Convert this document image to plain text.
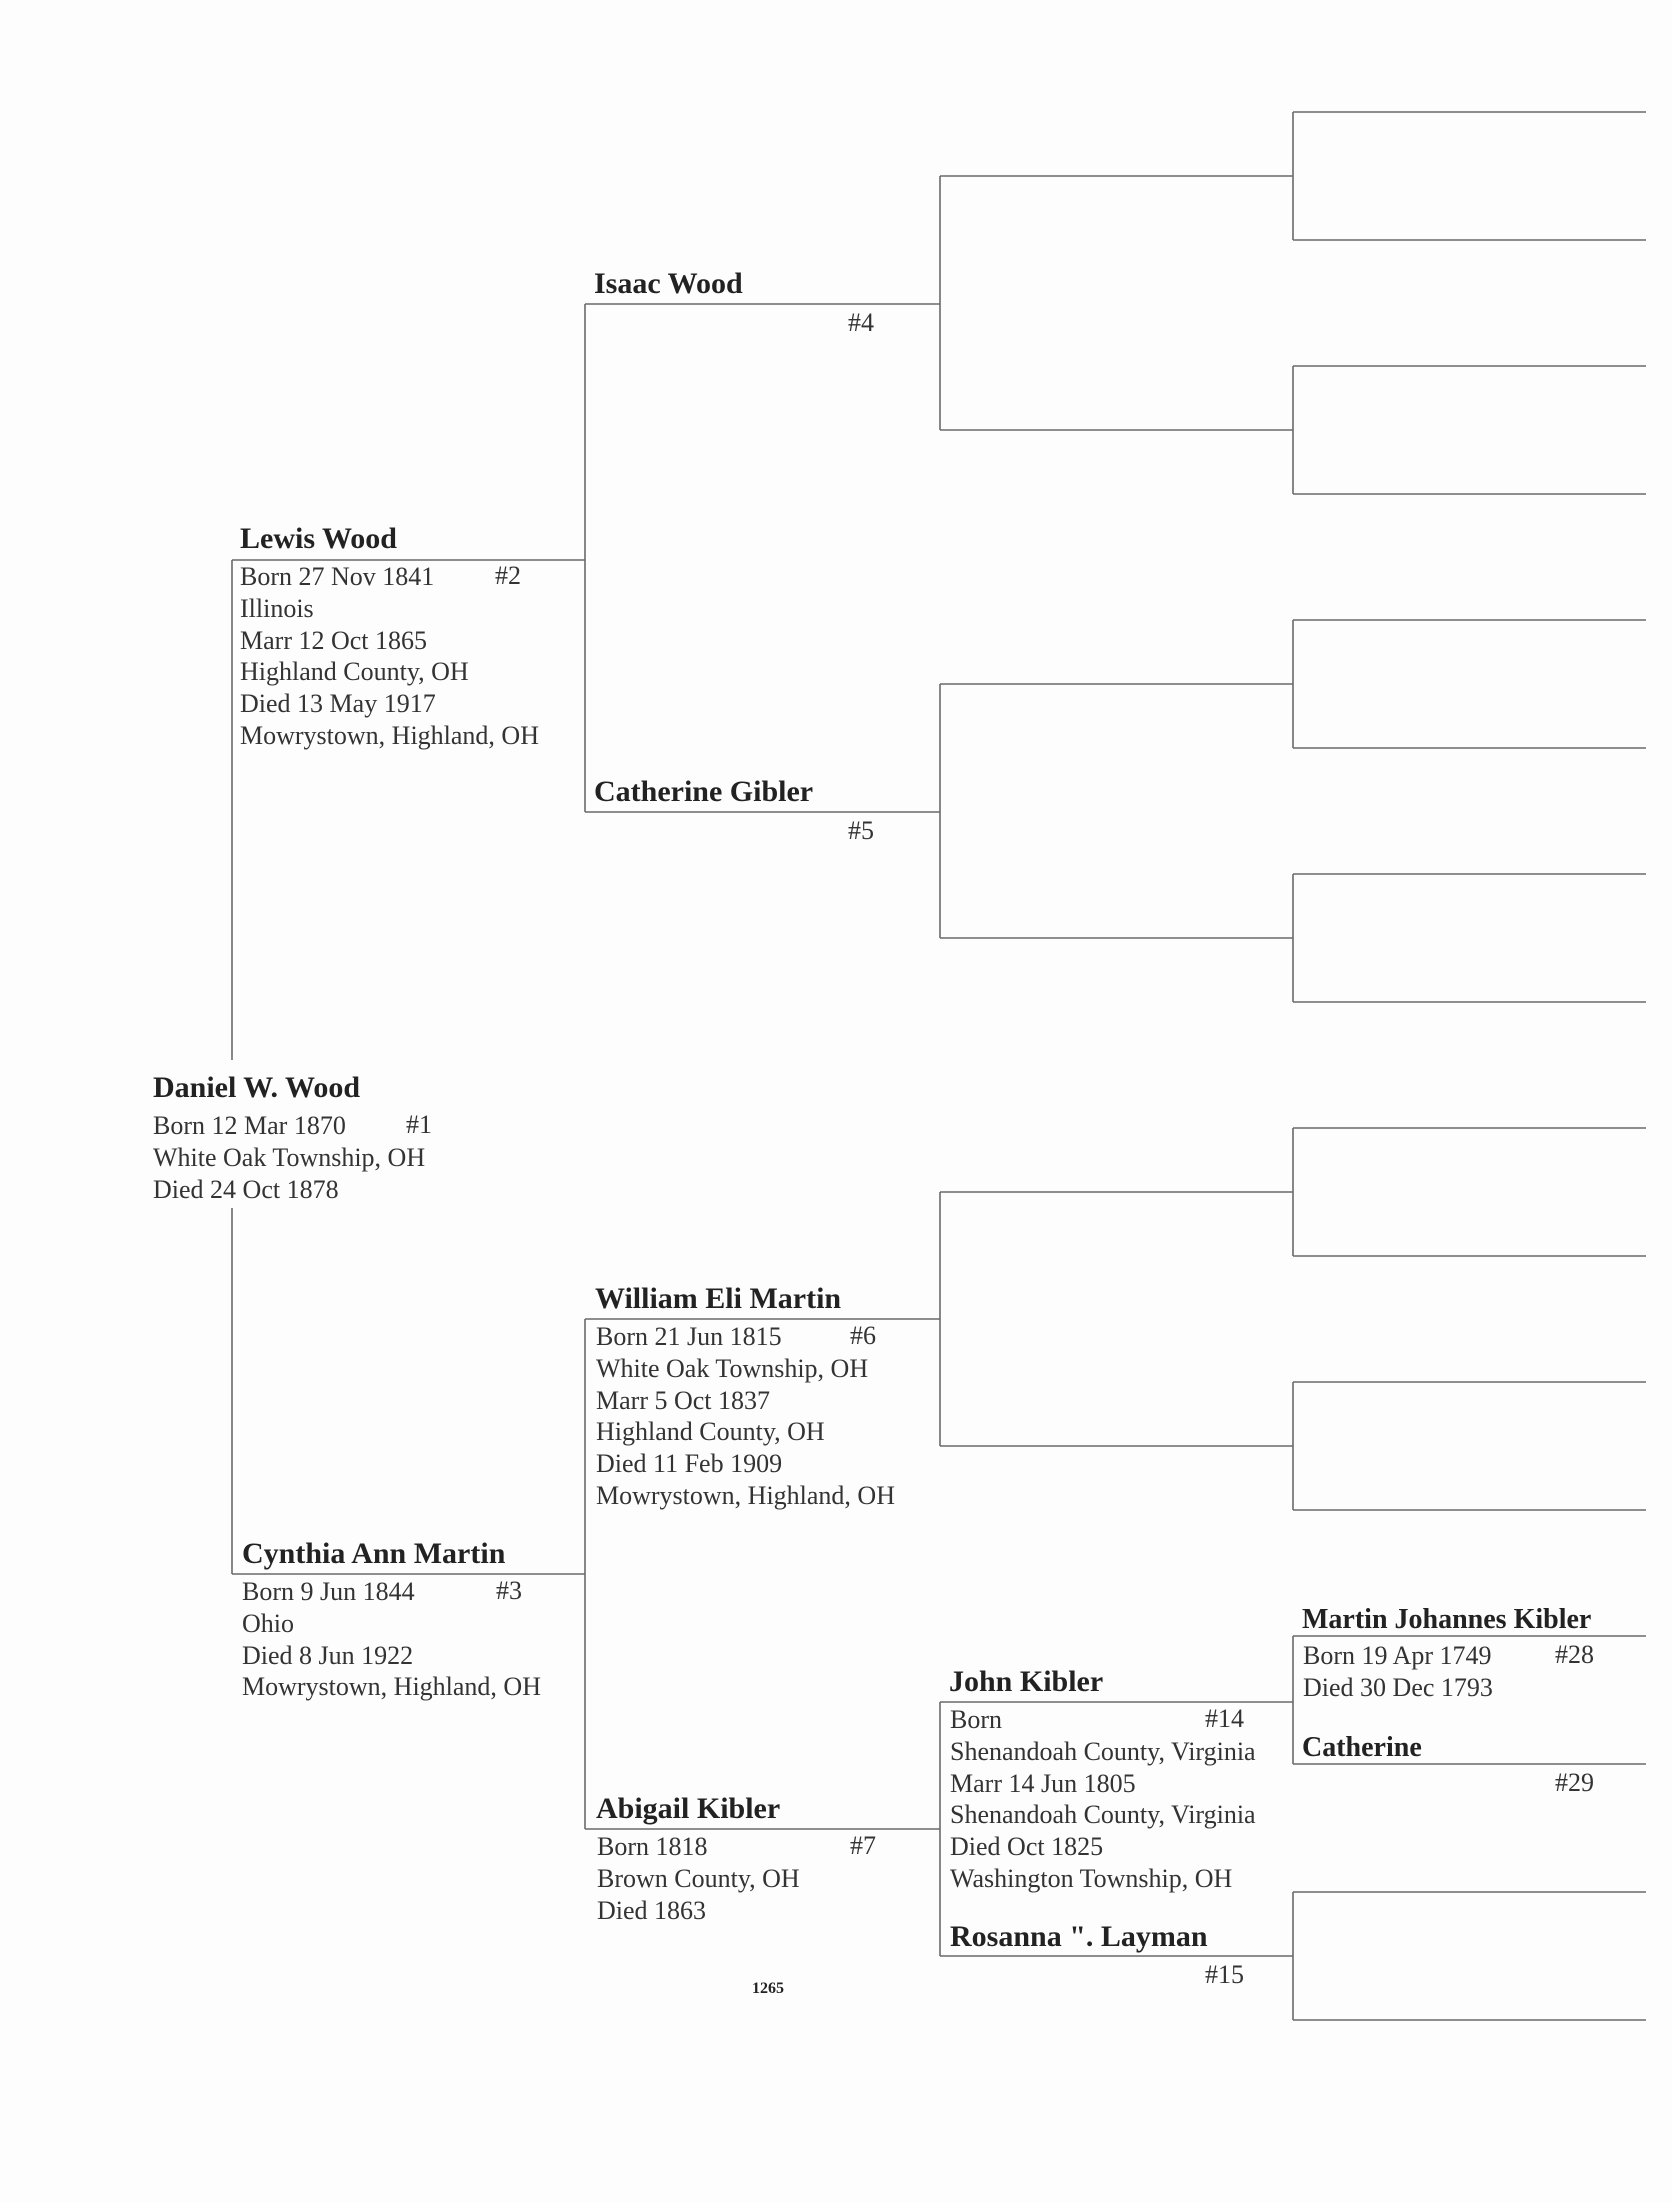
Daniel W. Wood
Born 12 Mar 1870
White Oak Township, OH
Died 24 Oct 1878
#1
Lewis Wood
Born 27 Nov 1841
Illinois
Marr 12 Oct 1865
Highland County, OH
Died 13 May 1917
Mowrystown, Highland, OH
#2
Cynthia Ann Martin
Born 9 Jun 1844
Ohio
Died 8 Jun 1922
Mowrystown, Highland, OH
#3
Isaac Wood
#4
Catherine Gibler
#5
William Eli Martin
Born 21 Jun 1815
White Oak Township, OH
Marr 5 Oct 1837
Highland County, OH
Died 11 Feb 1909
Mowrystown, Highland, OH
#6
Abigail Kibler
Born 1818
Brown County, OH
Died 1863
#7
John Kibler
Born
Shenandoah County, Virginia
Marr 14 Jun 1805
Shenandoah County, Virginia
Died Oct 1825
Washington Township, OH
#14
Rosanna ". Layman
#15
Martin Johannes Kibler
Born 19 Apr 1749
Died 30 Dec 1793
#28
Catherine
#29
1265
